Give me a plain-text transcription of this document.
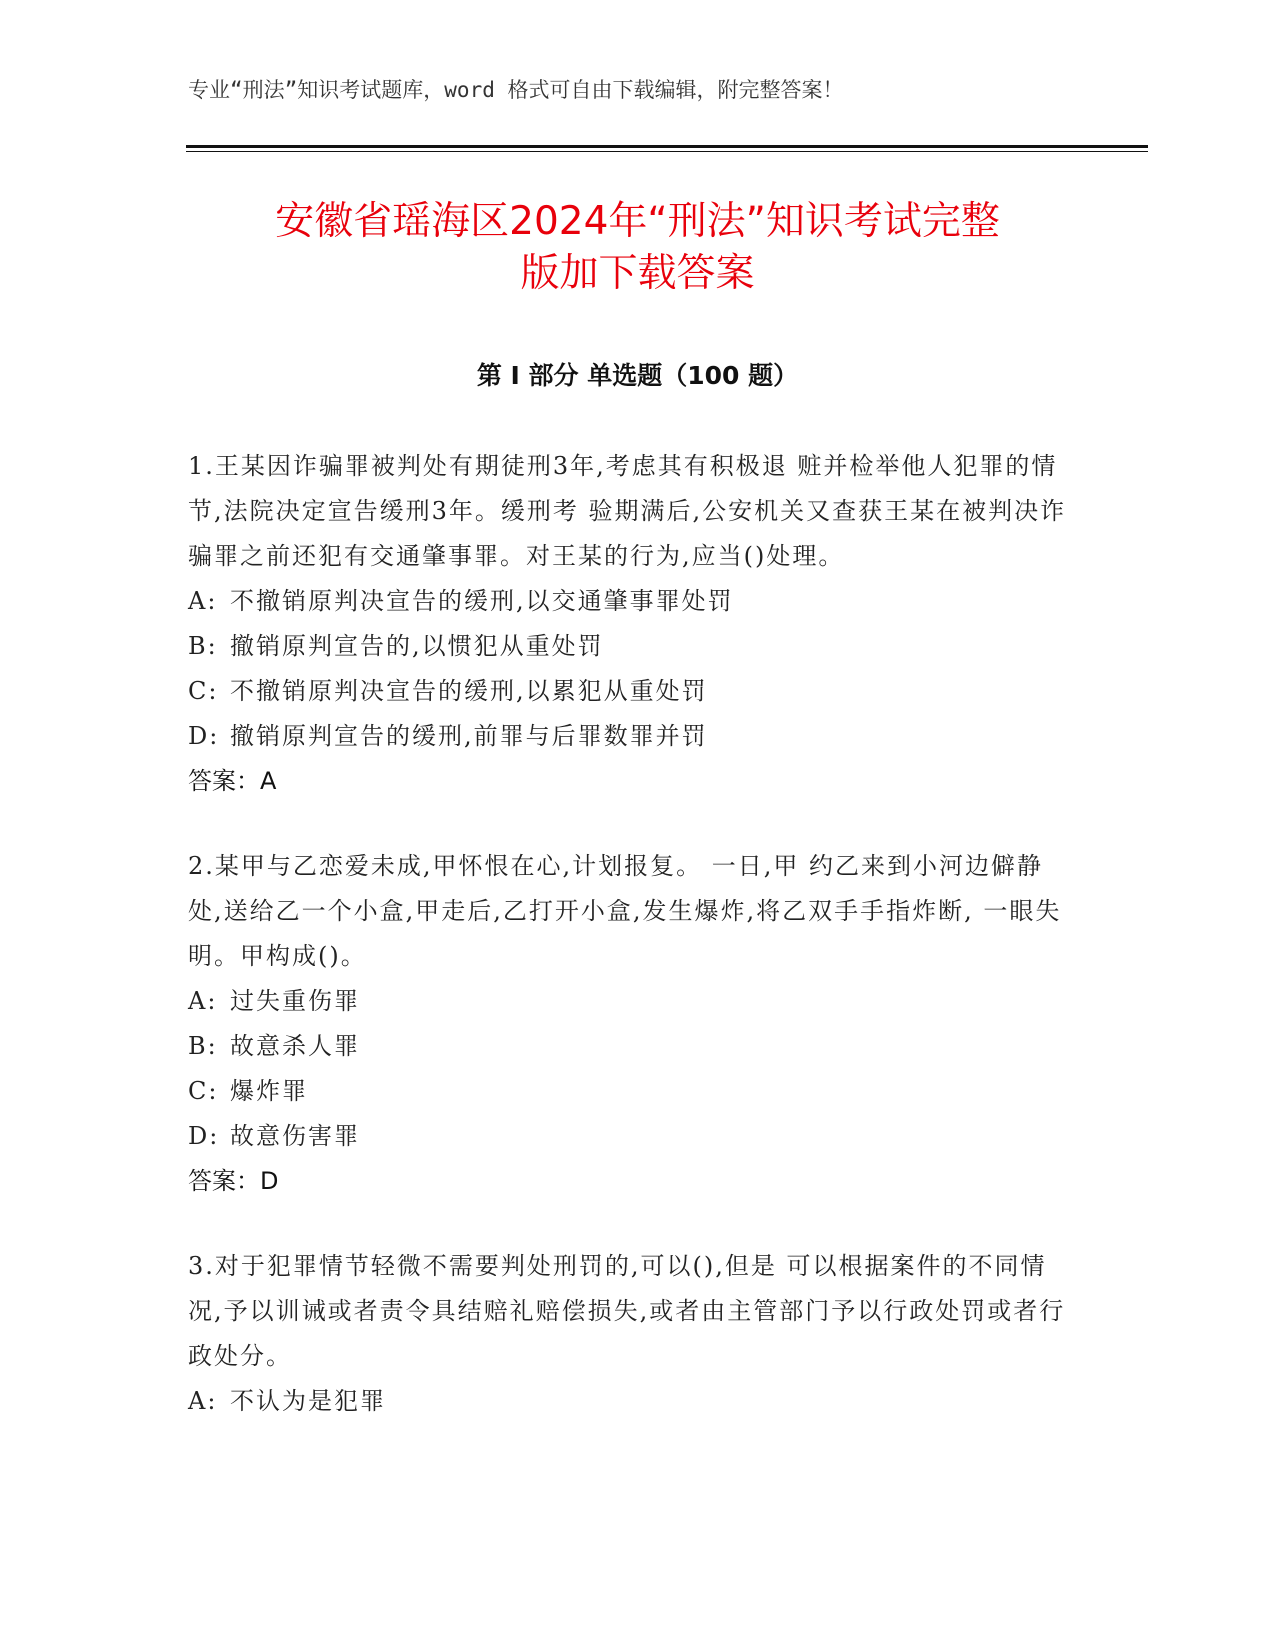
专业“刑法”知识考试题库，word 格式可自由下载编辑，附完整答案！
安徽省瑶海区2024年“刑法”知识考试完整
版加下载答案
第 I 部分 单选题（100 题）
1.王某因诈骗罪被判处有期徒刑3年,考虑其有积极退 赃并检举他人犯罪的情节,法院决定宣告缓刑3年。缓刑考 验期满后,公安机关又查获王某在被判决诈骗罪之前还犯有交通肇事罪。对王某的行为,应当()处理。
A: 不撤销原判决宣告的缓刑,以交通肇事罪处罚
B: 撤销原判宣告的,以惯犯从重处罚
C: 不撤销原判决宣告的缓刑,以累犯从重处罚
D: 撤销原判宣告的缓刑,前罪与后罪数罪并罚
答案：A
2.某甲与乙恋爱未成,甲怀恨在心,计划报复。 一日,甲 约乙来到小河边僻静处,送给乙一个小盒,甲走后,乙打开小盒,发生爆炸,将乙双手手指炸断, 一眼失明。甲构成()。
A: 过失重伤罪
B: 故意杀人罪
C: 爆炸罪
D: 故意伤害罪
答案：D
3.对于犯罪情节轻微不需要判处刑罚的,可以(),但是 可以根据案件的不同情况,予以训诫或者责令具结赔礼赔偿损失,或者由主管部门予以行政处罚或者行政处分。
A: 不认为是犯罪
